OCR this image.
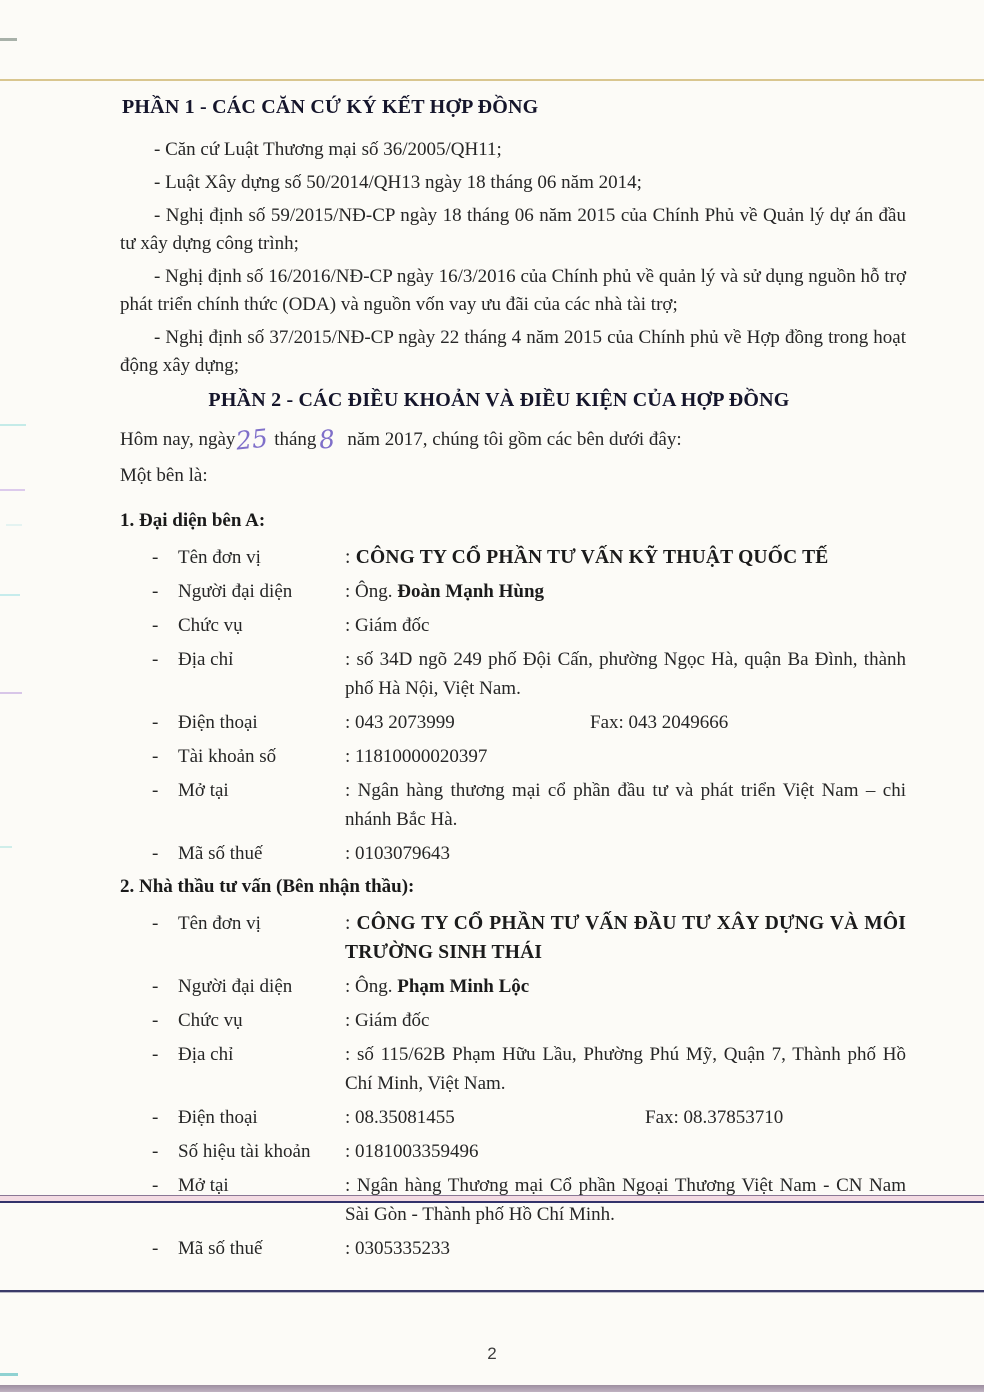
PHẦN 1 - CÁC CĂN CỨ KÝ KẾT HỢP ĐỒNG

- Căn cứ Luật Thương mại số 36/2005/QH11;

- Luật Xây dựng số 50/2014/QH13 ngày 18 tháng 06 năm 2014;

- Nghị định số 59/2015/NĐ-CP ngày 18 tháng 06 năm 2015 của Chính Phủ về Quản lý dự án đầu tư xây dựng công trình;

- Nghị định số 16/2016/NĐ-CP ngày 16/3/2016 của Chính phủ về quản lý và sử dụng nguồn hỗ trợ phát triển chính thức (ODA) và nguồn vốn vay ưu đãi của các nhà tài trợ;

- Nghị định số 37/2015/NĐ-CP ngày 22 tháng 4 năm 2015 của Chính phủ về Hợp đồng trong hoạt động xây dựng;

PHẦN 2 - CÁC ĐIỀU KHOẢN VÀ ĐIỀU KIỆN CỦA HỢP ĐỒNG

Hôm nay, ngày25 tháng8 năm 2017, chúng tôi gồm các bên dưới đây:

Một bên là:

1. Đại diện bên A:
-	Tên đơn vị	: CÔNG TY CỔ PHẦN TƯ VẤN KỸ THUẬT QUỐC TẾ
-	Người đại diện	: Ông. Đoàn Mạnh Hùng
-	Chức vụ	: Giám đốc
-	Địa chỉ	: số 34D ngõ 249 phố Đội Cấn, phường Ngọc Hà, quận Ba Đình, thành phố Hà Nội, Việt Nam.
-	Điện thoại	: 043 2073999	Fax: 043 2049666
-	Tài khoản số	: 11810000020397
-	Mở tại	: Ngân hàng thương mại cổ phần đầu tư và phát triển Việt Nam – chi nhánh Bắc Hà.
-	Mã số thuế	: 0103079643
2. Nhà thầu tư vấn (Bên nhận thầu):
-	Tên đơn vị	: CÔNG TY CỔ PHẦN TƯ VẤN ĐẦU TƯ XÂY DỰNG VÀ MÔI TRƯỜNG SINH THÁI
-	Người đại diện	: Ông. Phạm Minh Lộc
-	Chức vụ	: Giám đốc
-	Địa chỉ	: số 115/62B Phạm Hữu Lầu, Phường Phú Mỹ, Quận 7, Thành phố Hồ Chí Minh, Việt Nam.
-	Điện thoại	: 08.35081455	Fax: 08.37853710
-	Số hiệu tài khoản	: 0181003359496
-	Mở tại	: Ngân hàng Thương mại Cổ phần Ngoại Thương Việt Nam - CN Nam Sài Gòn - Thành phố Hồ Chí Minh.
-	Mã số thuế	: 0305335233
2
